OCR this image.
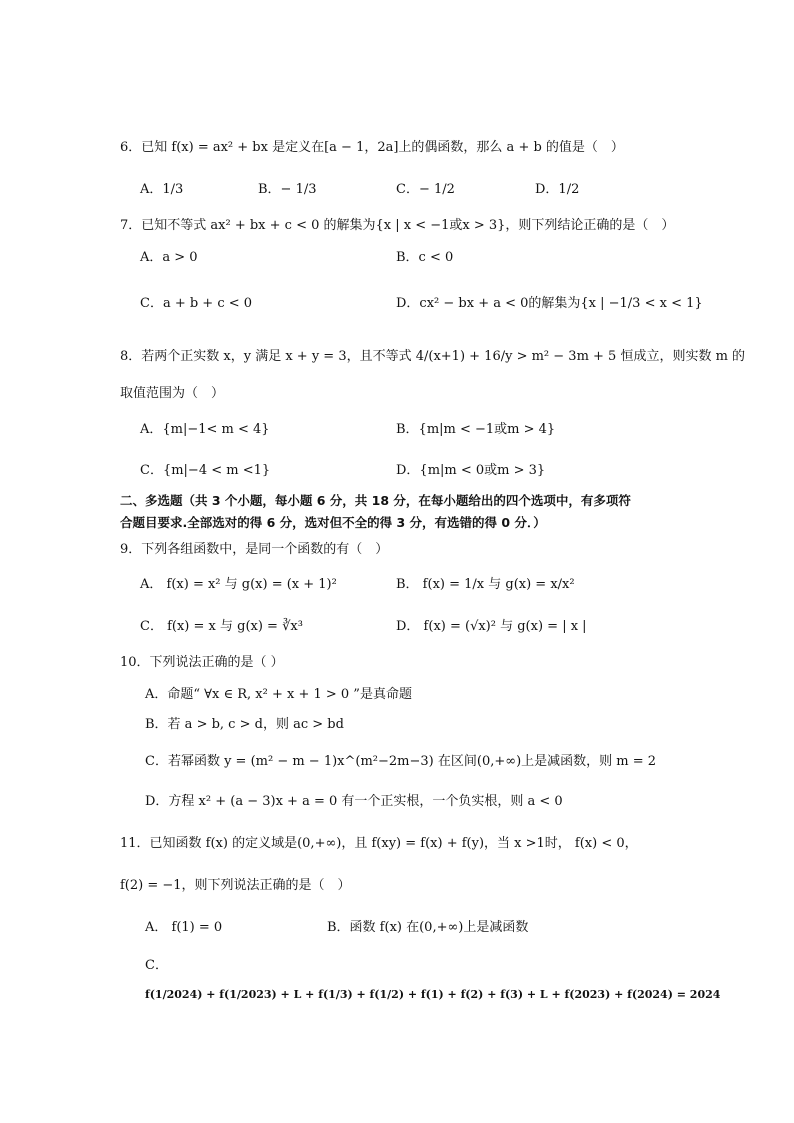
6．已知 f(x) = ax² + bx 是定义在[a − 1，2a]上的偶函数，那么 a + b 的值是（　）
A．1/3	B．− 1/3	C．− 1/2	D．1/2
7．已知不等式 ax² + bx + c < 0 的解集为{x | x < −1或x > 3}，则下列结论正确的是（　）
A．a > 0	B．c < 0
C．a + b + c < 0	D．cx² − bx + a < 0的解集为{x | −1/3 < x < 1}
8．若两个正实数 x，y 满足 x + y = 3，且不等式 4/(x+1) + 16/y > m² − 3m + 5 恒成立，则实数 m 的
取值范围为（　）
A．{m|−1< m < 4}	B．{m|m < −1或m > 4}
C．{m|−4 < m <1}	D．{m|m < 0或m > 3}
二、多选题（共 3 个小题，每小题 6 分，共 18 分，在每小题给出的四个选项中，有多项符
合题目要求.全部选对的得 6 分，选对但不全的得 3 分，有选错的得 0 分．）
9．下列各组函数中，是同一个函数的有（　）
A． f(x) = x² 与 g(x) = (x + 1)²	B． f(x) = 1/x 与 g(x) = x/x²
C． f(x) = x 与 g(x) = ∛x³	D． f(x) = (√x)² 与 g(x) = | x |
10．下列说法正确的是（ ）
A．命题“ ∀x ∈ R, x² + x + 1 > 0 ”是真命题
B．若 a > b, c > d，则 ac > bd
C．若幂函数 y = (m² − m − 1)x^(m²−2m−3) 在区间(0,+∞)上是减函数，则 m = 2
D．方程 x² + (a − 3)x + a = 0 有一个正实根，一个负实根，则 a < 0
11．已知函数 f(x) 的定义域是(0,+∞)，且 f(xy) = f(x) + f(y)，当 x >1时， f(x) < 0，
f(2) = −1，则下列说法正确的是（　）
A． f(1) = 0	B．函数 f(x) 在(0,+∞)上是减函数
C．
f(1/2024) + f(1/2023) + L + f(1/3) + f(1/2) + f(1) + f(2) + f(3) + L + f(2023) + f(2024) = 2024
